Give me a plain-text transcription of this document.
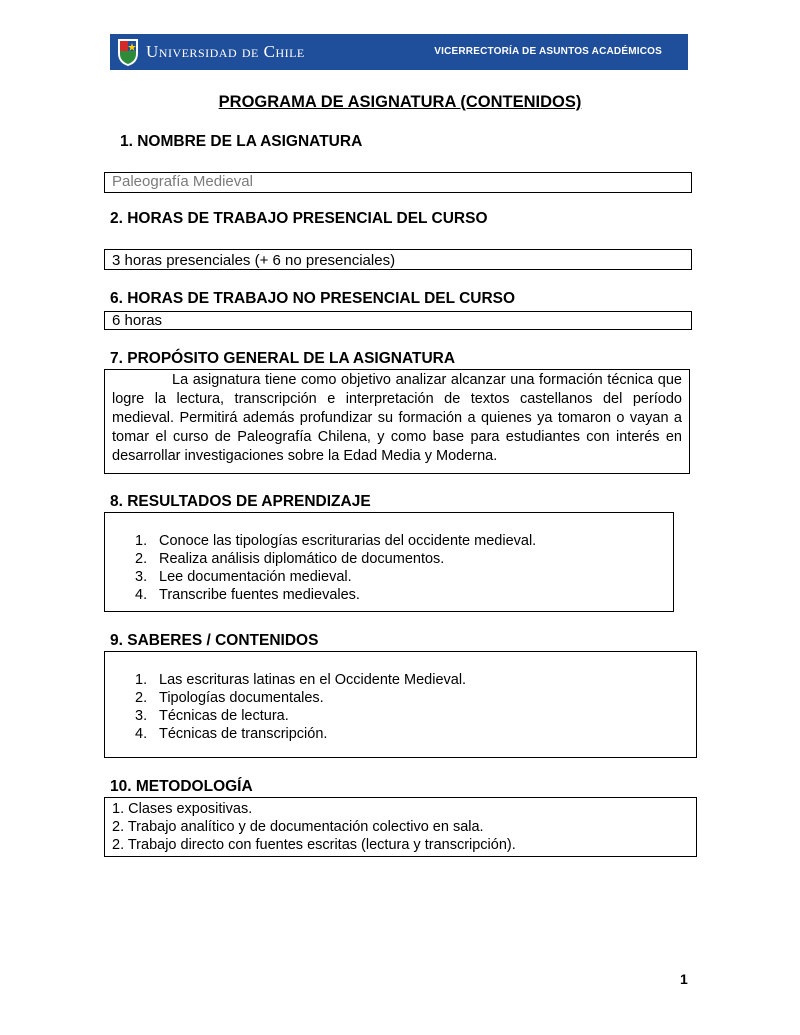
Universidad de Chile	VICERRECTORÍA DE ASUNTOS ACADÉMICOS
PROGRAMA DE ASIGNATURA (CONTENIDOS)
1. NOMBRE DE LA ASIGNATURA
Paleografía Medieval
2. HORAS DE TRABAJO PRESENCIAL DEL CURSO
3 horas presenciales (+ 6 no presenciales)
6. HORAS DE TRABAJO NO PRESENCIAL DEL CURSO
6 horas
7. PROPÓSITO GENERAL DE LA ASIGNATURA
La asignatura tiene como objetivo analizar alcanzar una formación técnica que logre la lectura, transcripción e interpretación de textos castellanos del período medieval. Permitirá además profundizar su formación a quienes ya tomaron o vayan a tomar el curso de Paleografía Chilena, y como base para estudiantes con interés en desarrollar investigaciones sobre la Edad Media y Moderna.
8. RESULTADOS DE APRENDIZAJE
1. Conoce las tipologías escriturarias del occidente medieval.
2. Realiza análisis diplomático de documentos.
3. Lee documentación medieval.
4. Transcribe fuentes medievales.
9. SABERES / CONTENIDOS
1. Las escrituras latinas en el Occidente Medieval.
2. Tipologías documentales.
3. Técnicas de lectura.
4. Técnicas de transcripción.
10. METODOLOGÍA
1. Clases expositivas.
2. Trabajo analítico y de documentación colectivo en sala.
2. Trabajo directo con fuentes escritas (lectura y transcripción).
1
